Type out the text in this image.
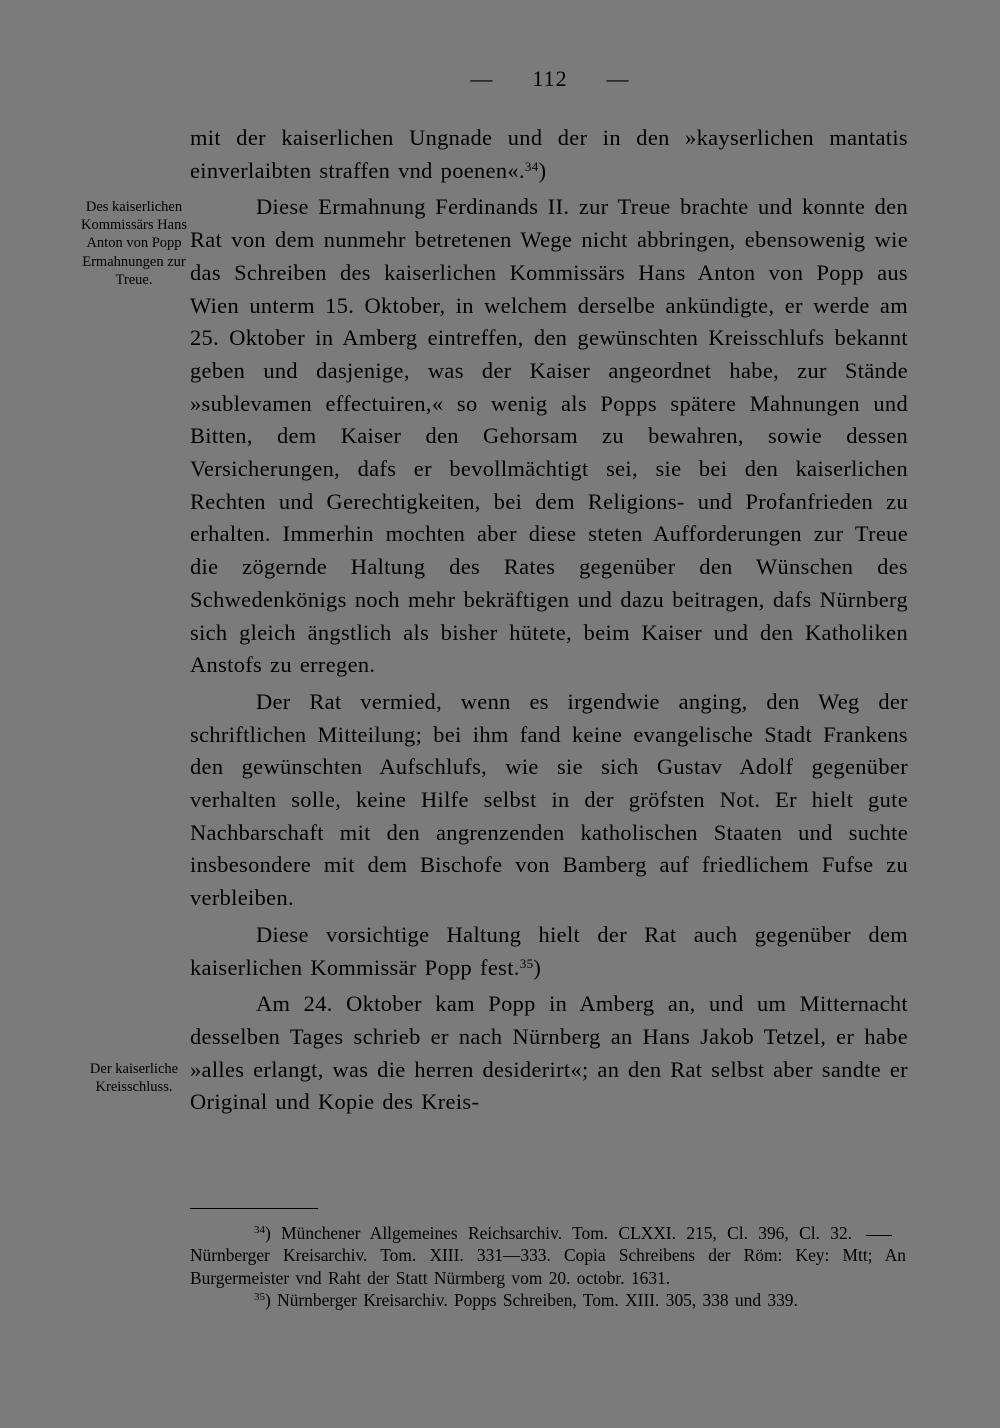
— 112 —
Des kaiserlichen Kommissärs Hans Anton von Popp Ermahnungen zur Treue.
Der kaiserliche Kreisschluss.

mit der kaiserlichen Ungnade und der in den »kayserlichen mantatis einverlaibten straffen vnd poenen«.$^{34}$)

Diese Ermahnung Ferdinands II. zur Treue brachte und konnte den Rat von dem nunmehr betretenen Wege nicht abbringen, ebensowenig wie das Schreiben des kaiserlichen Kommissärs Hans Anton von Popp aus Wien unterm 15. Oktober, in welchem derselbe ankündigte, er werde am 25. Oktober in Amberg eintreffen, den gewünschten Kreisschlufs bekannt geben und dasjenige, was der Kaiser angeordnet habe, zur Stände »sublevamen effectuiren,« so wenig als Popps spätere Mahnungen und Bitten, dem Kaiser den Gehorsam zu bewahren, sowie dessen Versicherungen, dafs er bevollmächtigt sei, sie bei den kaiserlichen Rechten und Gerechtigkeiten, bei dem Religions- und Profanfrieden zu erhalten. Immerhin mochten aber diese steten Aufforderungen zur Treue die zögernde Haltung des Rates gegenüber den Wünschen des Schwedenkönigs noch mehr bekräftigen und dazu beitragen, dafs Nürnberg sich gleich ängstlich als bisher hütete, beim Kaiser und den Katholiken Anstofs zu erregen.

Der Rat vermied, wenn es irgendwie anging, den Weg der schriftlichen Mitteilung; bei ihm fand keine evangelische Stadt Frankens den gewünschten Aufschlufs, wie sie sich Gustav Adolf gegenüber verhalten solle, keine Hilfe selbst in der gröfsten Not. Er hielt gute Nachbarschaft mit den angrenzenden katholischen Staaten und suchte insbesondere mit dem Bischofe von Bamberg auf friedlichem Fufse zu verbleiben.

Diese vorsichtige Haltung hielt der Rat auch gegenüber dem kaiserlichen Kommissär Popp fest.$^{35}$)

Am 24. Oktober kam Popp in Amberg an, und um Mitternacht desselben Tages schrieb er nach Nürnberg an Hans Jakob Tetzel, er habe »alles erlangt, was die herren desiderirt«; an den Rat selbst aber sandte er Original und Kopie des Kreis-

$^{34}$) Münchener Allgemeines Reichsarchiv. Tom. CLXXI. 215, Cl. 396, Cl. 32.Nürnberger Kreisarchiv. Tom. XIII. 331—333. Copia Schreibens der Röm: Key: Mtt; An Burgermeister vnd Raht der Statt Nürmberg vom 20. octobr. 1631.

$^{35}$) Nürnberger Kreisarchiv. Popps Schreiben, Tom. XIII. 305, 338 und 339.
